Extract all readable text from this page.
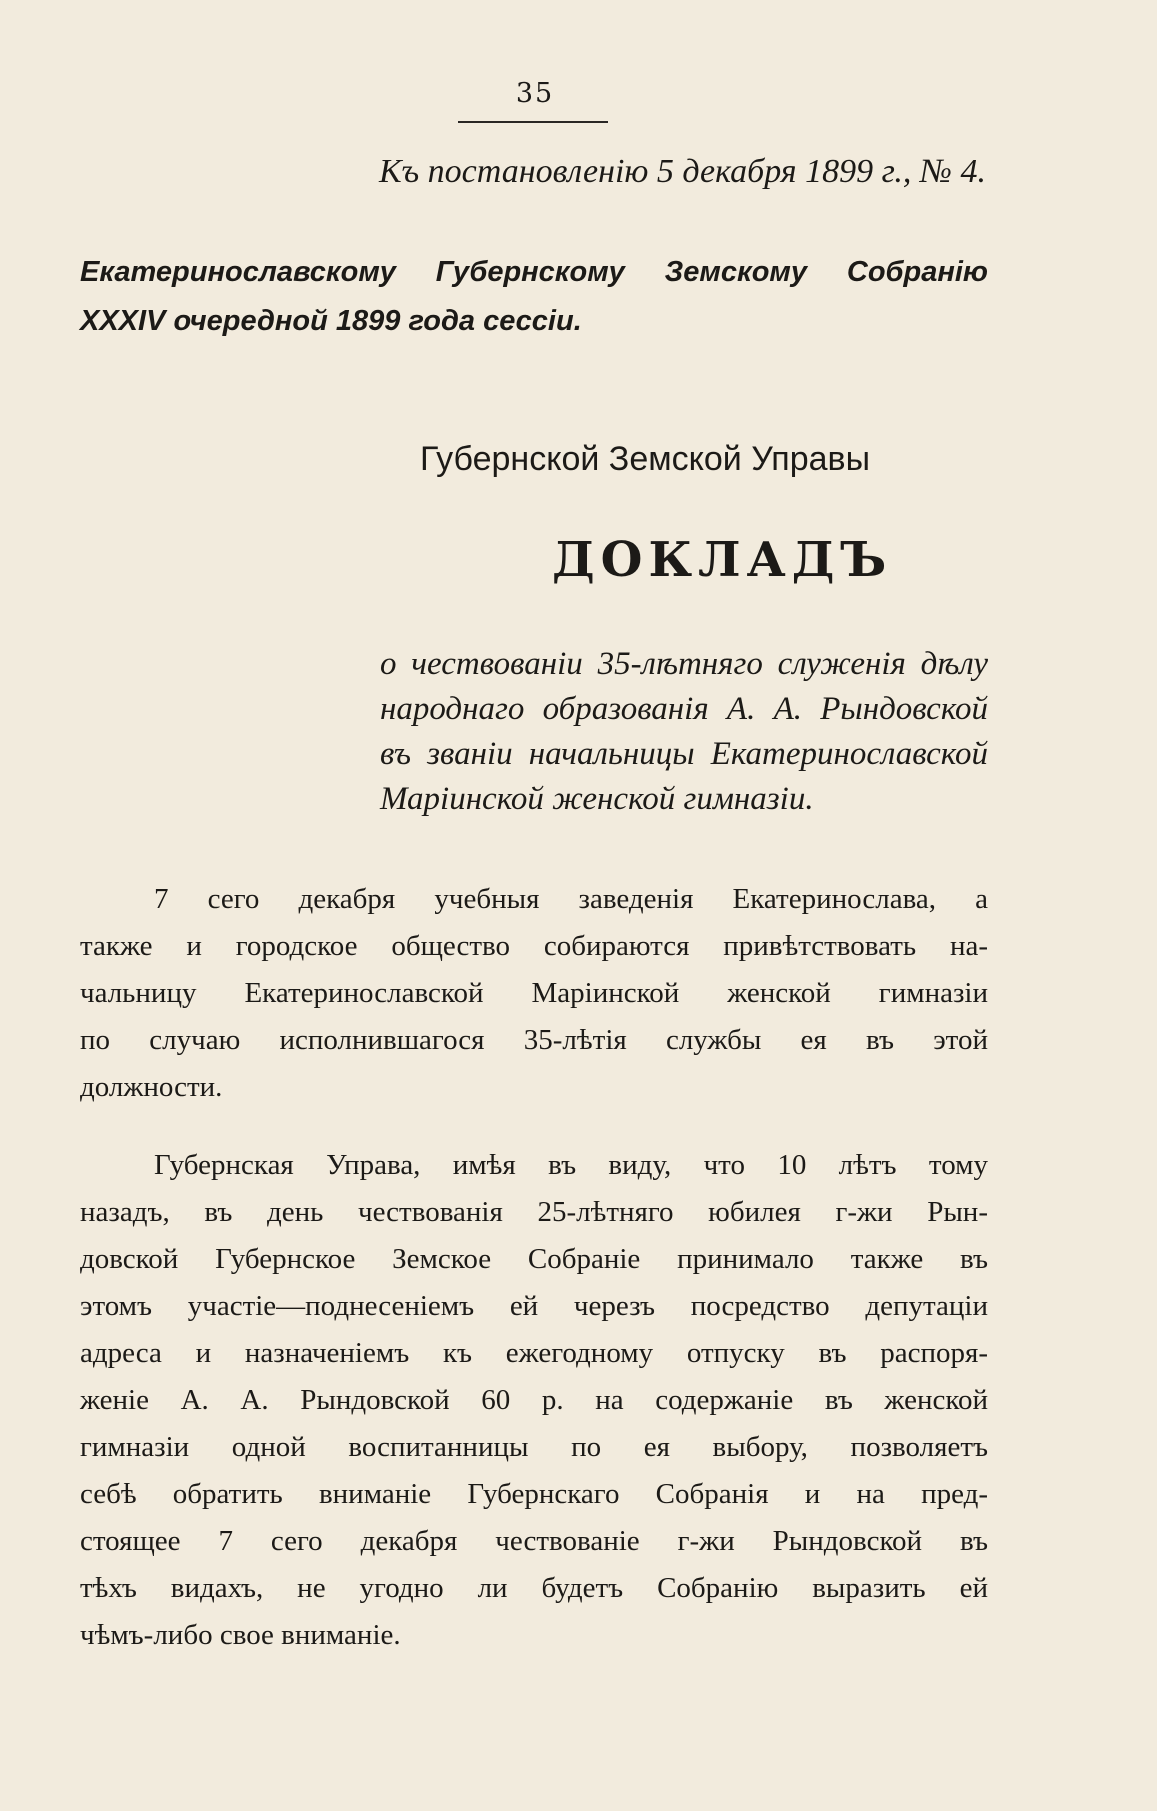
35
Къ постановленію 5 декабря 1899 г., № 4.
Екатеринославскому Губернскому Земскому Собранію
XXXIV очередной 1899 года сессіи.
Губернской Земской Управы
ДОКЛАДЪ
о чествованіи 35-лѣтняго служенія дѣлу
народнаго образованія А. А. Рындовской
въ званіи начальницы Екатеринославской
Маріинской женской гимназіи.
7 сего декабря учебныя заведенія Екатеринослава, а
также и городское общество собираются привѣтствовать на-
чальницу Екатеринославской Маріинской женской гимназіи
по случаю исполнившагося 35-лѣтія службы ея въ этой
должности.
Губернская Управа, имѣя въ виду, что 10 лѣтъ тому
назадъ, въ день чествованія 25-лѣтняго юбилея г-жи Рын-
довской Губернское Земское Собраніе принимало также въ
этомъ участіе—поднесеніемъ ей черезъ посредство депутаціи
адреса и назначеніемъ къ ежегодному отпуску въ распоря-
женіе А. А. Рындовской 60 р. на содержаніе въ женской
гимназіи одной воспитанницы по ея выбору, позволяетъ
себѣ обратить вниманіе Губернскаго Собранія и на пред-
стоящее 7 сего декабря чествованіе г-жи Рындовской въ
тѣхъ видахъ, не угодно ли будетъ Собранію выразить ей
чѣмъ-либо свое вниманіе.
